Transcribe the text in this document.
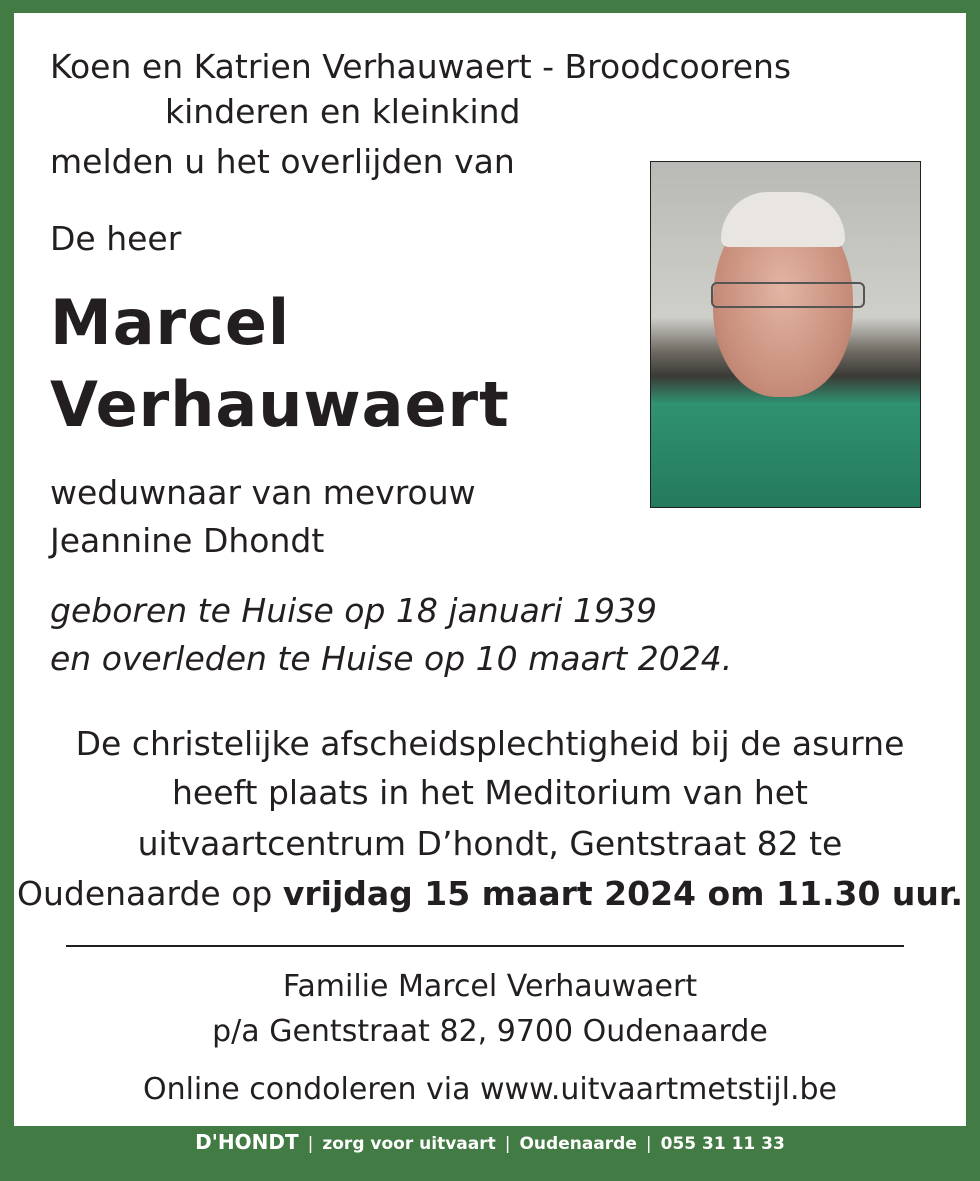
Koen en Katrien Verhauwaert - Broodcoorens
kinderen en kleinkind
melden u het overlijden van
De heer
Marcel
Verhauwaert
weduwnaar van mevrouw
Jeannine Dhondt
geboren te Huise op 18 januari 1939
en overleden te Huise op 10 maart 2024.
De christelijke afscheidsplechtigheid bij de asurne
heeft plaats in het Meditorium van het
uitvaartcentrum D’hondt, Gentstraat 82 te
Oudenaarde op vrijdag 15 maart 2024 om 11.30 uur.
Familie Marcel Verhauwaert
p/a Gentstraat 82, 9700 Oudenaarde
Online condoleren via www.uitvaartmetstijl.be
D'HONDT | zorg voor uitvaart | Oudenaarde | 055 31 11 33
